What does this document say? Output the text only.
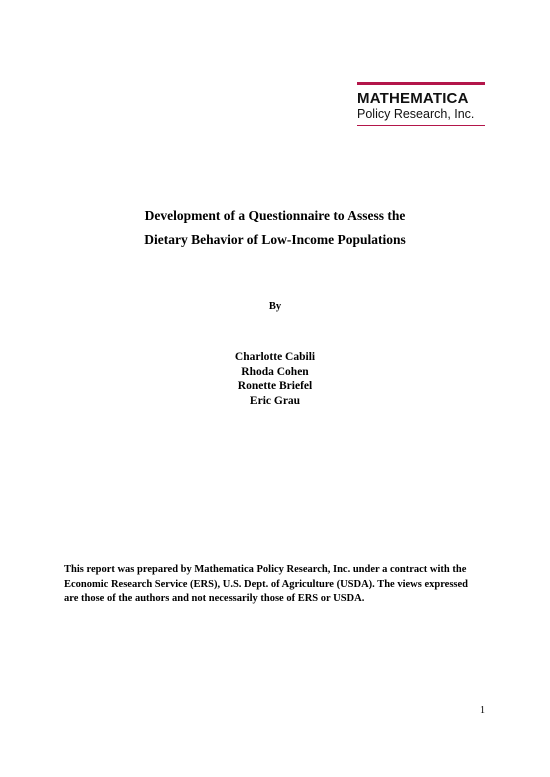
MATHEMATICA
Policy Research, Inc.
Development of a Questionnaire to Assess the
Dietary Behavior of Low-Income Populations
By
Charlotte Cabili
Rhoda Cohen
Ronette Briefel
Eric Grau
This report was prepared by Mathematica Policy Research, Inc. under a contract with the
Economic Research Service (ERS), U.S. Dept. of Agriculture (USDA). The views expressed
are those of the authors and not necessarily those of ERS or USDA.
1
